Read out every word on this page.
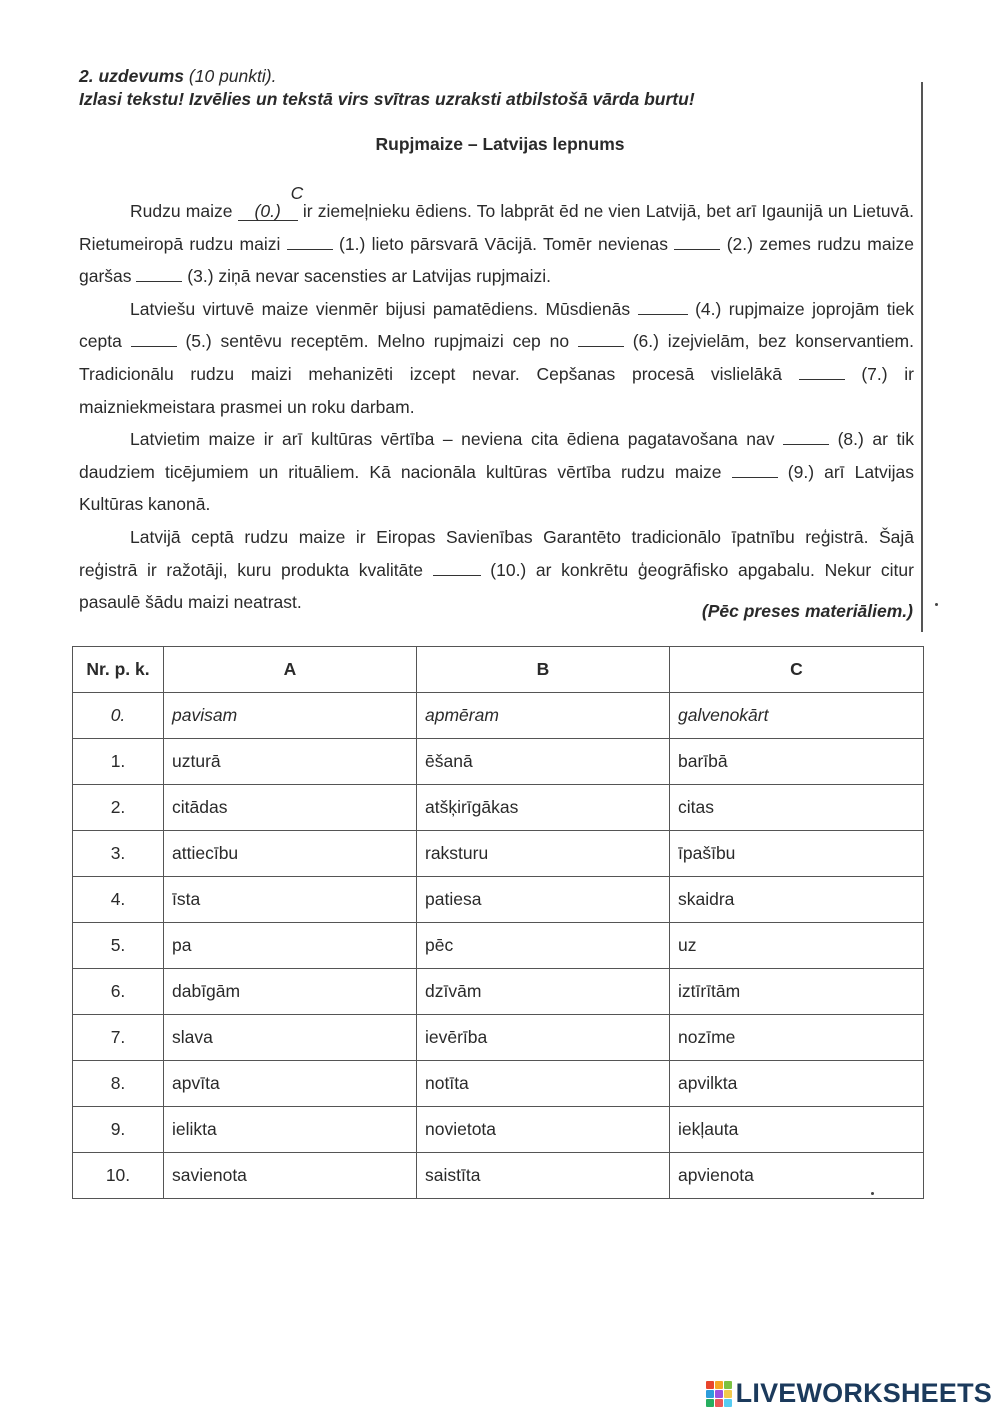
2. uzdevums (10 punkti).
Izlasi tekstu! Izvēlies un tekstā virs svītras uzraksti atbilstošā vārda burtu!
Rupjmaize – Latvijas lepnums

Rudzu maize C (0.) ir ziemeļnieku ēdiens. To labprāt ēd ne vien Latvijā, bet arī Igaunijā un Lietuvā. Rietumeiropā rudzu maizi	(1.) lieto pārsvarā Vācijā. Tomēr nevienas	(2.) zemes rudzu maize garšas	(3.) ziņā nevar sacensties ar Latvijas rupjmaizi.

Latviešu virtuvē maize vienmēr bijusi pamatēdiens. Mūsdienās	(4.) rupjmaize joprojām tiek cepta	(5.) sentēvu receptēm. Melno rupjmaizi cep no	(6.) izejvielām, bez konservantiem. Tradicionālu rudzu maizi mehanizēti izcept nevar. Cepšanas procesā vislielākā	(7.) ir maizniekmeistara prasmei un roku darbam.

Latvietim maize ir arī kultūras vērtība – neviena cita ēdiena pagatavošana nav	(8.) ar tik daudziem ticējumiem un rituāliem. Kā nacionāla kultūras vērtība rudzu maize	(9.) arī Latvijas Kultūras kanonā.

Latvijā ceptā rudzu maize ir Eiropas Savienības Garantēto tradicionālo īpatnību reģistrā. Šajā reģistrā ir ražotāji, kuru produkta kvalitāte	(10.) ar konkrētu ģeogrāfisko apgabalu. Nekur citur pasaulē šādu maizi neatrast.	(Pēc preses materiāliem.)
Nr. p. k.	A	B	C
0.	pavisam	apmēram	galvenokārt
1.	uzturā	ēšanā	barībā
2.	citādas	atšķirīgākas	citas
3.	attiecību	raksturu	īpašību
4.	īsta	patiesa	skaidra
5.	pa	pēc	uz
6.	dabīgām	dzīvām	iztīrītām
7.	slava	ievērība	nozīme
8.	apvīta	notīta	apvilkta
9.	ielikta	novietota	iekļauta
10.	savienota	saistīta	apvienota
LIVEWORKSHEETS
